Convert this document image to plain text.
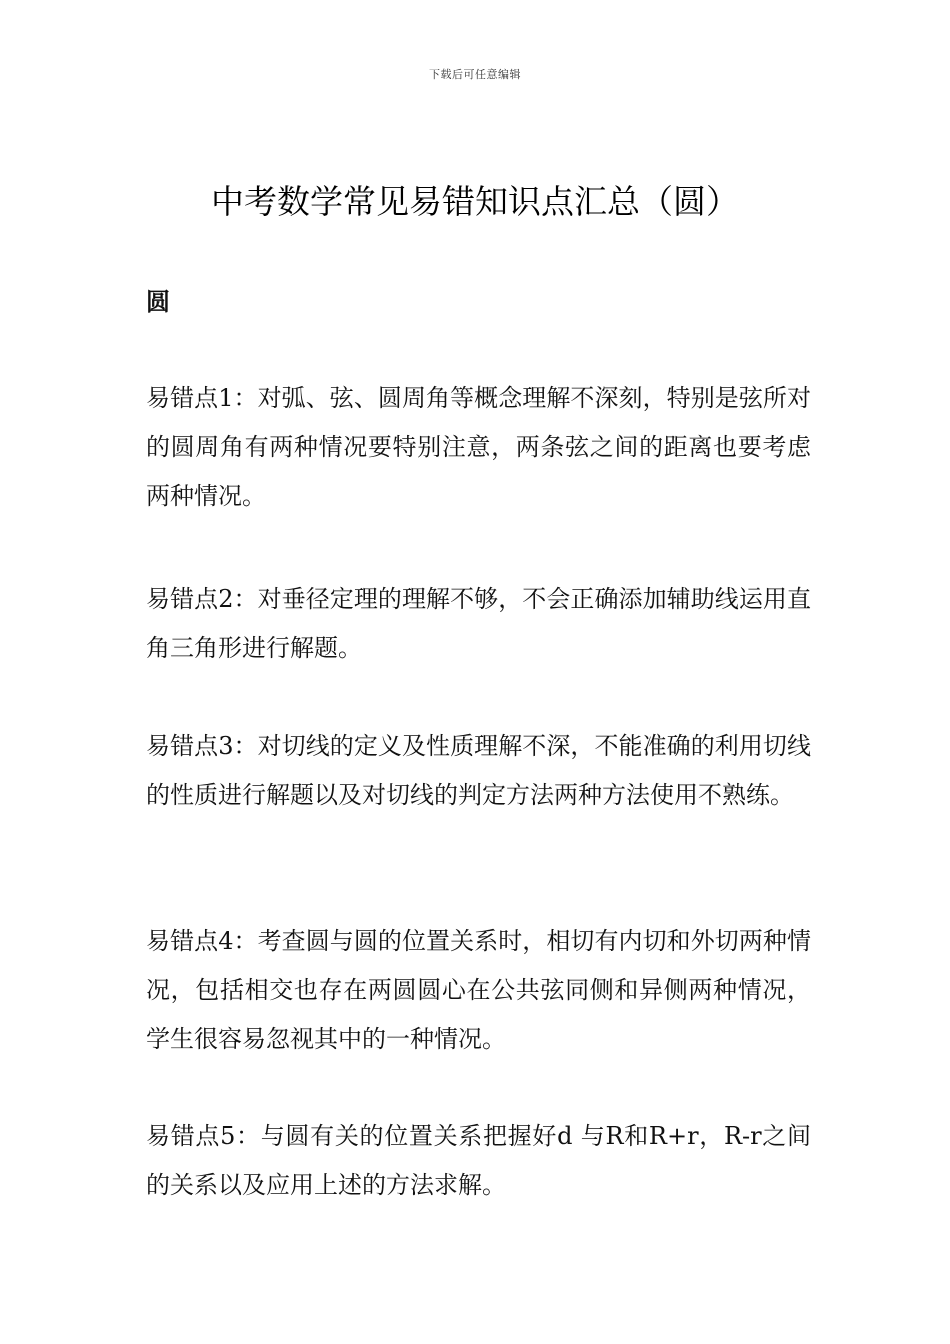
下载后可任意编辑
中考数学常见易错知识点汇总（圆）
圆

易错点1：对弧、弦、圆周角等概念理解不深刻，特别是弦所对的圆周角有两种情况要特别注意，两条弦之间的距离也要考虑两种情况。

易错点2：对垂径定理的理解不够，不会正确添加辅助线运用直角三角形进行解题。

易错点3：对切线的定义及性质理解不深，不能准确的利用切线的性质进行解题以及对切线的判定方法两种方法使用不熟练。

易错点4：考查圆与圆的位置关系时，相切有内切和外切两种情况，包括相交也存在两圆圆心在公共弦同侧和异侧两种情况，学生很容易忽视其中的一种情况。

易错点5：与圆有关的位置关系把握好d 与R和R+r，R-r之间的关系以及应用上述的方法求解。
